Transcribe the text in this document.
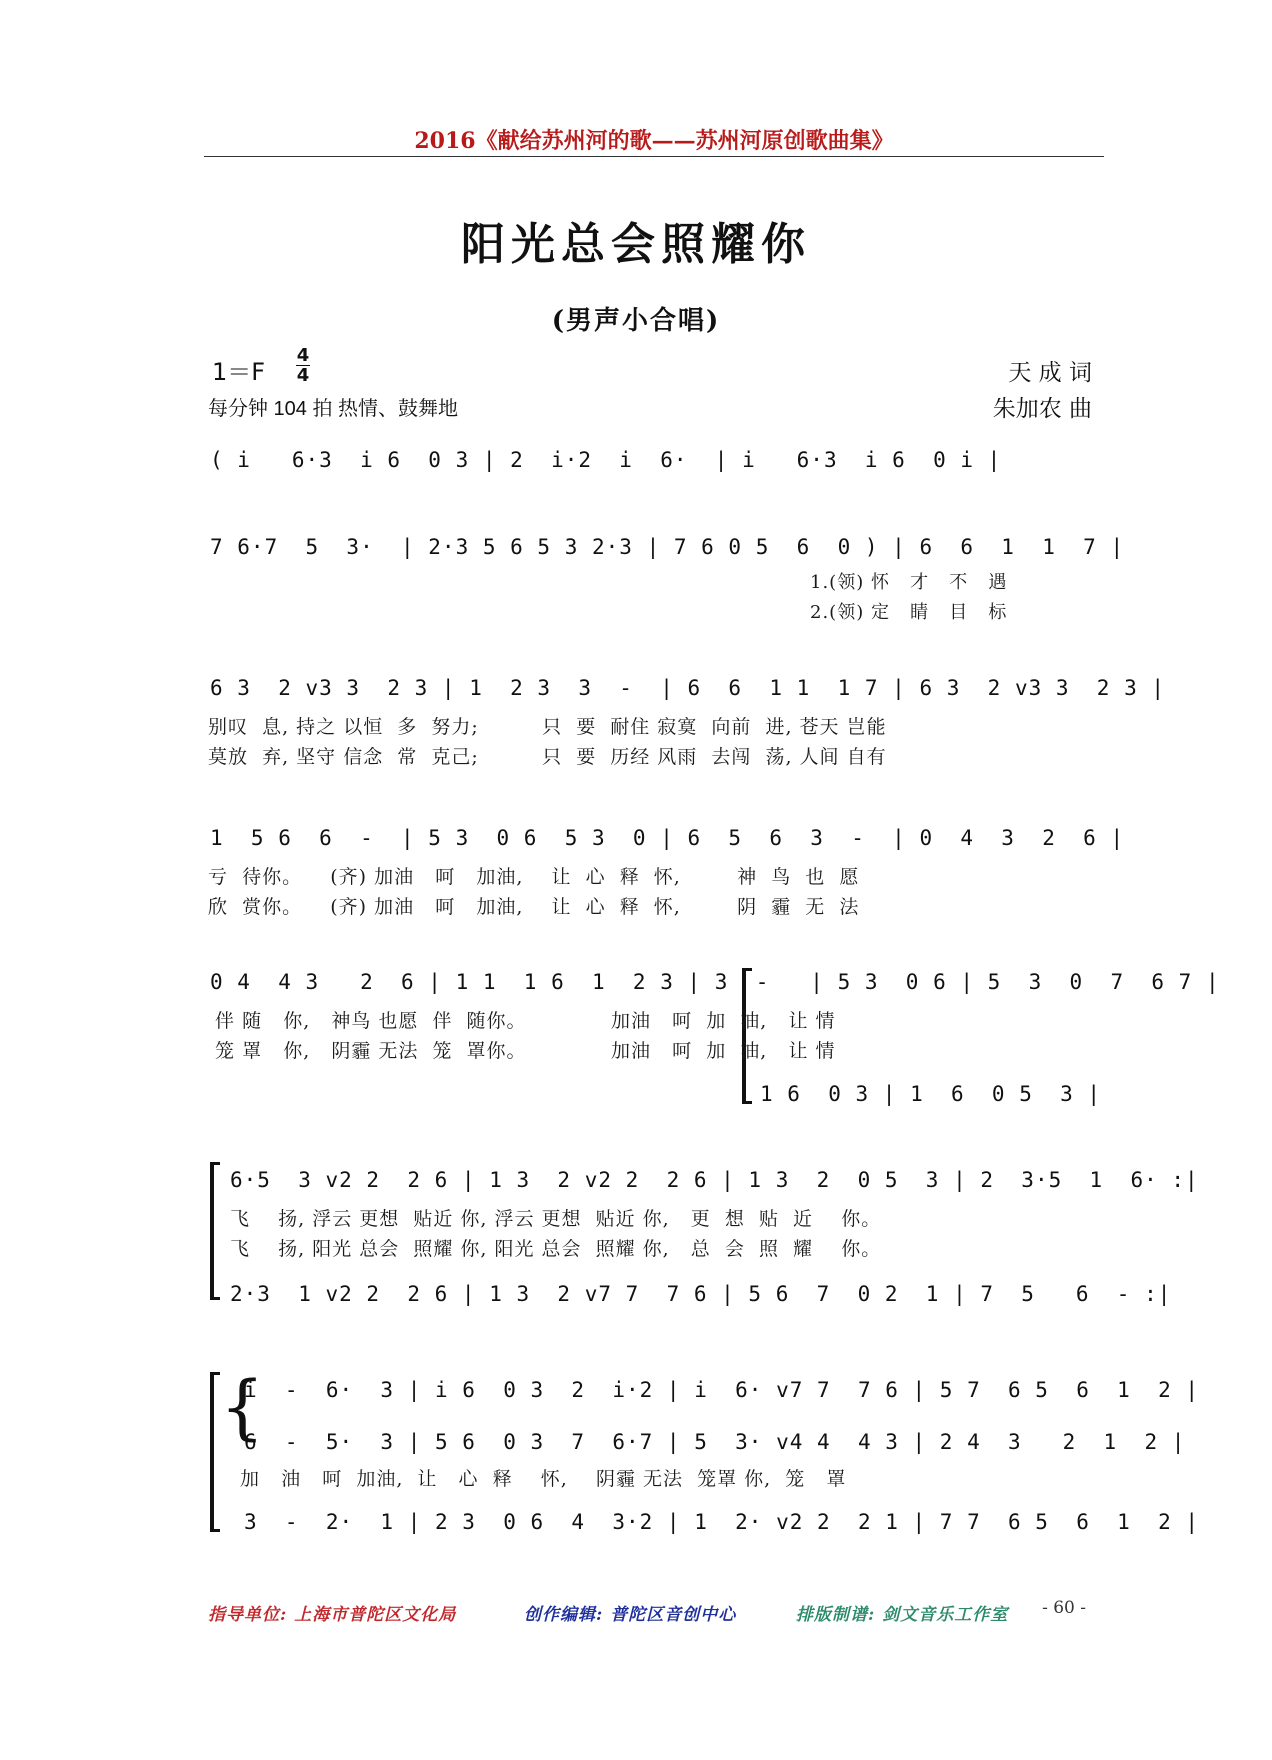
2016《献给苏州河的歌——苏州河原创歌曲集》
阳光总会照耀你
(男声小合唱)
1＝F
4
4
每分钟 104 拍 热情、鼓舞地
天 成 词
朱加农 曲
( i   6·3  i 6  0 3 | 2  i·2  i  6·  | i   6·3  i 6  0 i |
7 6·7  5  3·  | 2·3 5 6 5 3 2·3 | 7 6 0 5  6  0 ) | 6  6  1  1  7 |
1.(领) 怀   才   不   遇
2.(领) 定   睛   目   标
6 3  2 v3 3  2 3 | 1  2 3  3  -  | 6  6  1 1  1 7 | 6 3  2 v3 3  2 3 |
别叹  息, 持之 以恒  多  努力;         只  要  耐住 寂寞  向前  进, 苍天 岂能
莫放  弃, 坚守 信念  常  克己;         只  要  历经 风雨  去闯  荡, 人间 自有
1  5 6  6  -  | 5 3  0 6  5 3  0 | 6  5  6  3  -  | 0  4  3  2  6 |
亏  待你。    (齐) 加油   呵   加油,    让  心  释  怀,        神  鸟  也  愿
欣  赏你。    (齐) 加油   呵   加油,    让  心  释  怀,        阴  霾  无  法
0 4  4 3   2  6 | 1 1  1 6  1  2 3 | 3  -   | 5 3  0 6 | 5  3  0  7  6 7 |
伴 随   你,   神鸟 也愿  伴  随你。            加油   呵  加  油,   让 情
笼 罩   你,   阴霾 无法  笼  罩你。            加油   呵  加  油,   让 情
1 6  0 3 | 1  6  0 5  3 |
6·5  3 v2 2  2 6 | 1 3  2 v2 2  2 6 | 1 3  2  0 5  3 | 2  3·5  1  6· :|
飞    扬, 浮云 更想  贴近 你, 浮云 更想  贴近 你,   更  想  贴  近    你。
飞    扬, 阳光 总会  照耀 你, 阳光 总会  照耀 你,   总  会  照  耀    你。
2·3  1 v2 2  2 6 | 1 3  2 v7 7  7 6 | 5 6  7  0 2  1 | 7  5   6  - :|
{
i  -  6·  3 | i 6  0 3  2  i·2 | i  6· v7 7  7 6 | 5 7  6 5  6  1  2 |
6  -  5·  3 | 5 6  0 3  7  6·7 | 5  3· v4 4  4 3 | 2 4  3   2  1  2 |
加   油   呵  加油,  让   心  释    怀,    阴霾 无法  笼罩 你,  笼   罩
3  -  2·  1 | 2 3  0 6  4  3·2 | 1  2· v2 2  2 1 | 7 7  6 5  6  1  2 |
指导单位: 上海市普陀区文化局	创作编辑: 普陀区音创中心	排版制谱: 剑文音乐工作室 - 60 -
